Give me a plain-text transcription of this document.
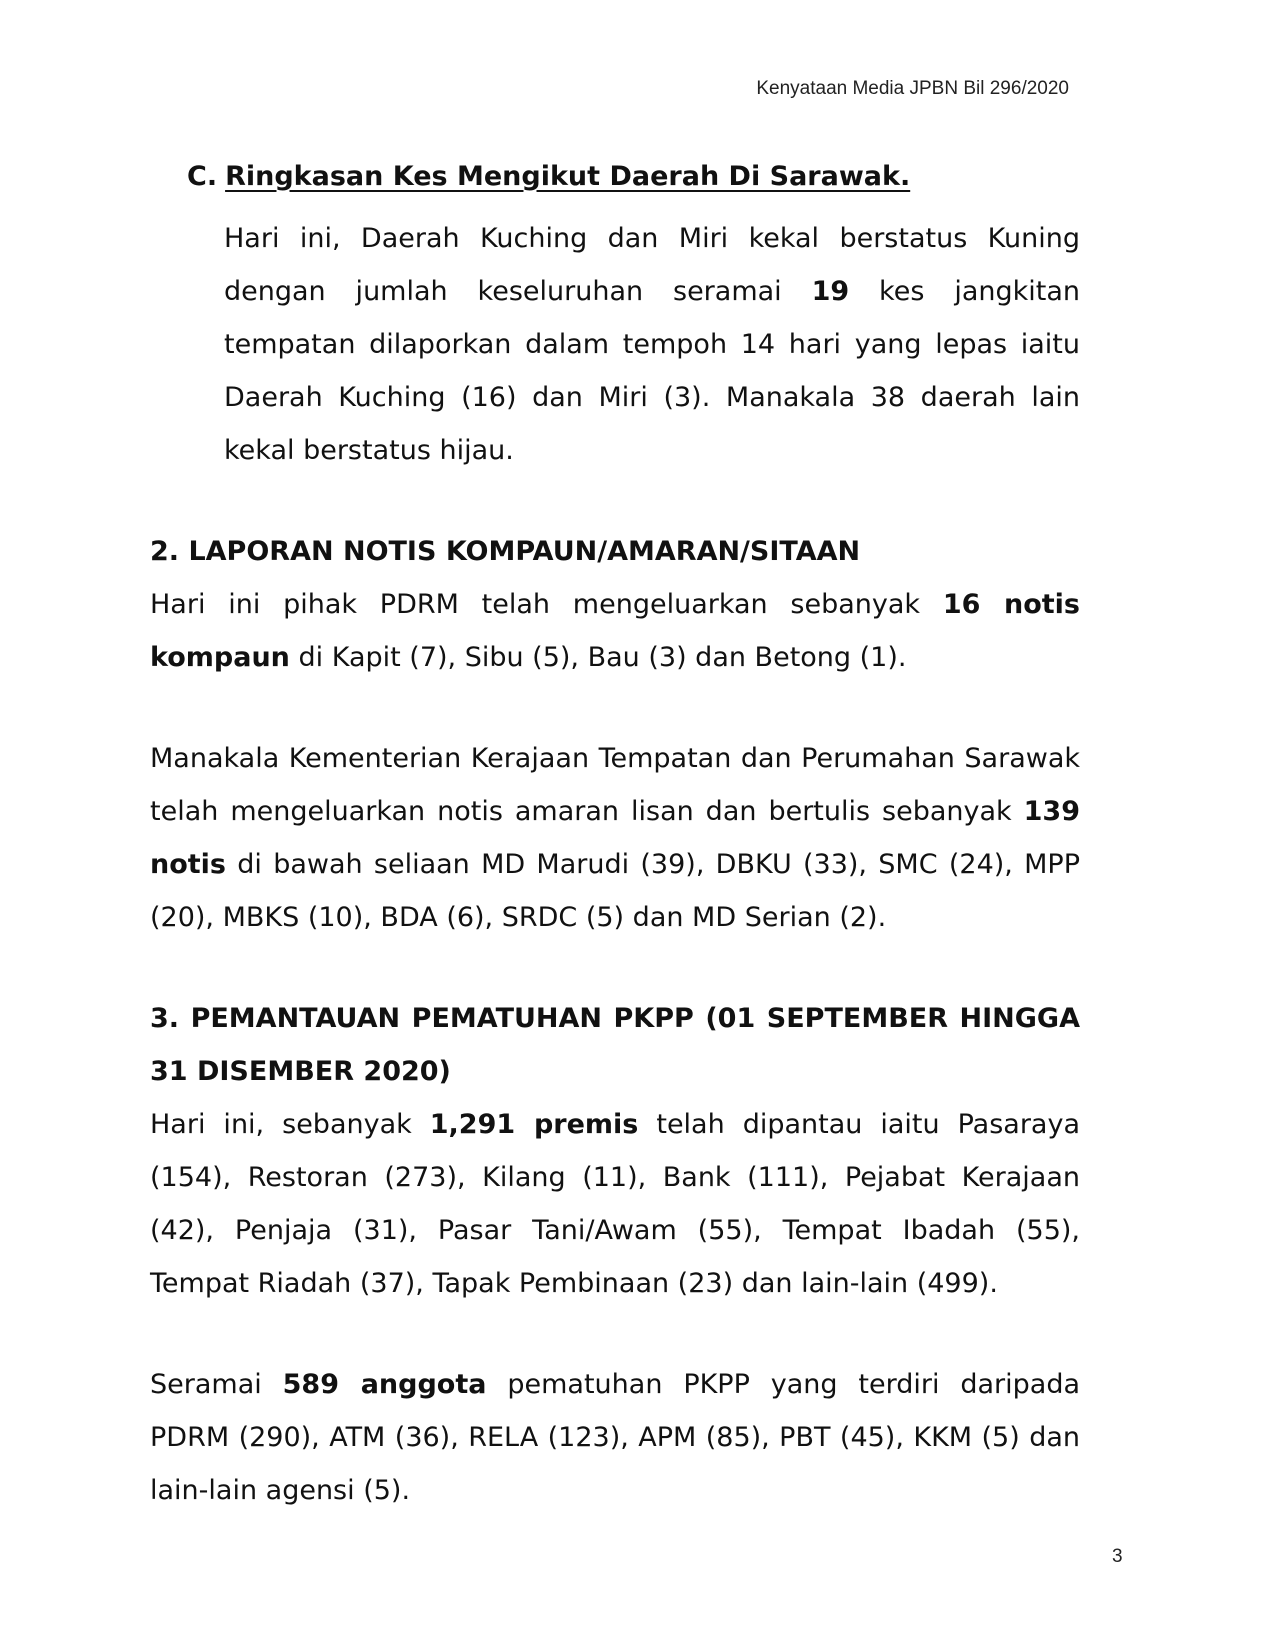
Kenyataan Media JPBN Bil 296/2020
C. Ringkasan Kes Mengikut Daerah Di Sarawak.

Hari ini, Daerah Kuching dan Miri kekal berstatus Kuning dengan jumlah keseluruhan seramai 19 kes jangkitan tempatan dilaporkan dalam tempoh 14 hari yang lepas iaitu Daerah Kuching (16) dan Miri (3). Manakala 38 daerah lain kekal berstatus hijau.

2. LAPORAN NOTIS KOMPAUN/AMARAN/SITAAN

Hari ini pihak PDRM telah mengeluarkan sebanyak 16 notis kompaun di Kapit (7), Sibu (5), Bau (3) dan Betong (1).

Manakala Kementerian Kerajaan Tempatan dan Perumahan Sarawak telah mengeluarkan notis amaran lisan dan bertulis sebanyak 139 notis di bawah seliaan MD Marudi (39), DBKU (33), SMC (24), MPP (20), MBKS (10), BDA (6), SRDC (5) dan MD Serian (2).

3. PEMANTAUAN PEMATUHAN PKPP (01 SEPTEMBER HINGGA 31 DISEMBER 2020)

Hari ini, sebanyak 1,291 premis telah dipantau iaitu Pasaraya (154), Restoran (273), Kilang (11), Bank (111), Pejabat Kerajaan (42), Penjaja (31), Pasar Tani/Awam (55), Tempat Ibadah (55), Tempat Riadah (37), Tapak Pembinaan (23) dan lain-lain (499).

Seramai 589 anggota pematuhan PKPP yang terdiri daripada PDRM (290), ATM (36), RELA (123), APM (85), PBT (45), KKM (5) dan lain-lain agensi (5).

3
